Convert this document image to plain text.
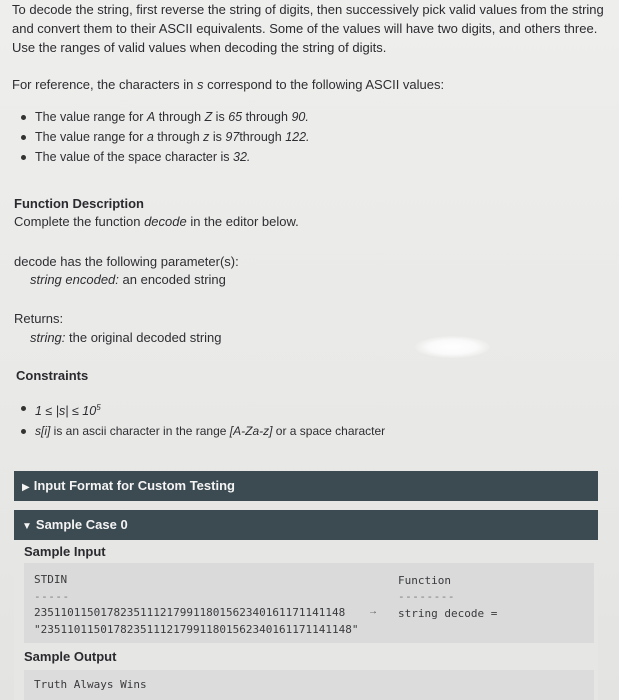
To decode the string, first reverse the string of digits, then successively pick valid values from the string and convert them to their ASCII equivalents. Some of the values will have two digits, and others three. Use the ranges of valid values when decoding the string of digits.

For reference, the characters in s correspond to the following ASCII values:

The value range for A through Z is 65 through 90.
The value range for a through z is 97through 122.
The value of the space character is 32.
Function Description

Complete the function decode in the editor below.

decode has the following parameter(s):

string encoded: an encoded string

Returns:

string: the original decoded string

Constraints
$1 \le |s| \le 10^5$
s[i] is an ascii character in the range [A-Za-z] or a space character
▶ Input Format for Custom Testing
▼ Sample Case 0
Sample Input
STDIN
-----
Function
--------
23511011501782351112179911801562340161171141148 →
"23511011501782351112179911801562340161171141148"
string decode =
Sample Output
Truth Always Wins
